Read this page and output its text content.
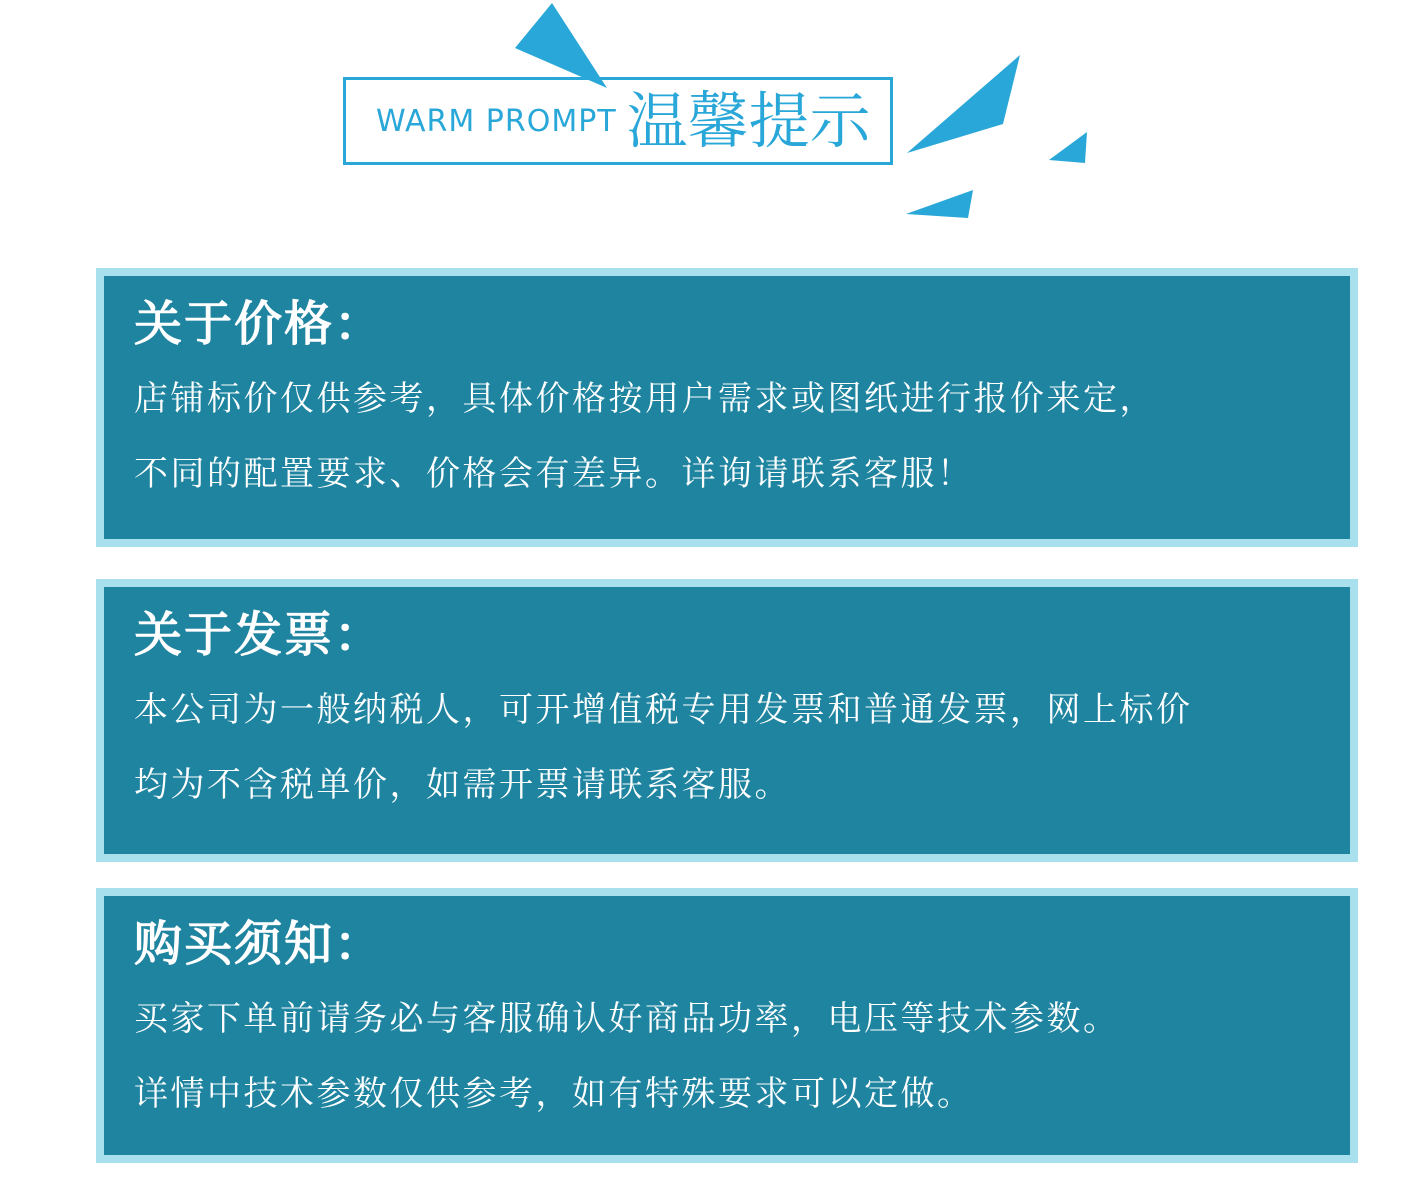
WARM PROMPT 温馨提示
关于价格：

店铺标价仅供参考，具体价格按用户需求或图纸进行报价来定，

不同的配置要求、价格会有差异。详询请联系客服！

关于发票：

本公司为一般纳税人，可开增值税专用发票和普通发票，网上标价

均为不含税单价，如需开票请联系客服。

购买须知：

买家下单前请务必与客服确认好商品功率，电压等技术参数。

详情中技术参数仅供参考，如有特殊要求可以定做。
